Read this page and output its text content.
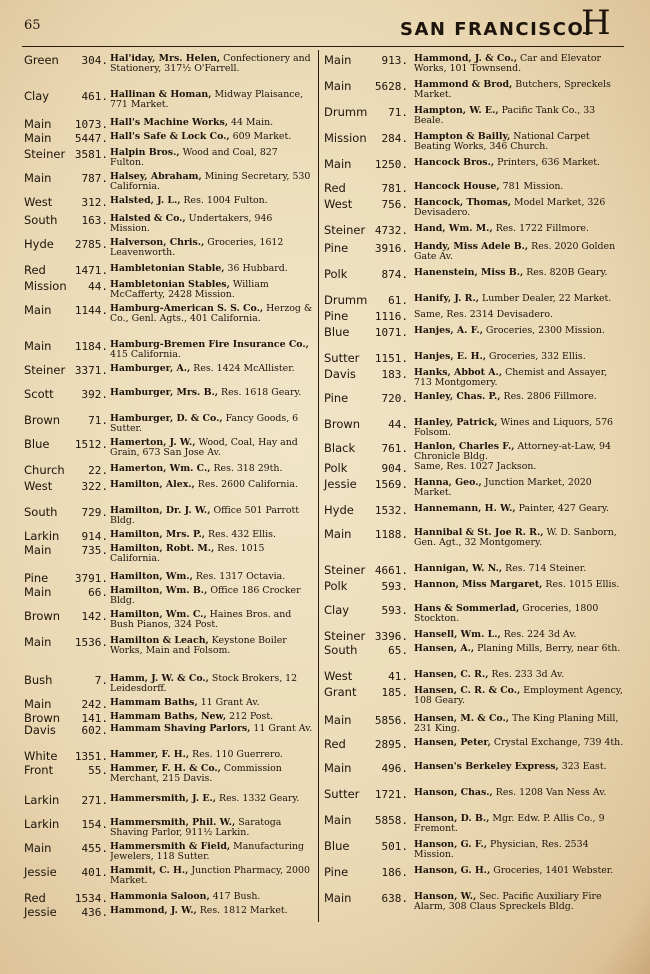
65	SAN FRANCISCO.
H
Green 304. Hal'iday, Mrs. Helen, Confectionery and Stationery, 317½ O'Farrell.
Clay	461. Hallinan & Homan, Midway Plaisance, 771 Market.
Main 1073. Hall's Machine Works, 44 Main.
Main 5447. Hall's Safe & Lock Co., 609 Market.
Steiner 3581. Halpin Bros., Wood and Coal, 827 Fulton.
Main	787. Halsey, Abraham, Mining Secretary, 530 California.
West	312. Halsted, J. L., Res. 1004 Fulton.
South 163. Halsted & Co., Undertakers, 946 Mission.
Hyde 2785. Halverson, Chris., Groceries, 1612 Leavenworth.
Red	1471. Hambletonian Stable, 36 Hubbard.
Mission 44. Hambletonian Stables, William McCafferty, 2428 Mission.
Main 1144. Hamburg-American S. S. Co., Herzog & Co., Genl. Agts., 401 California.
Main 1184. Hamburg-Bremen Fire Insurance Co., 415 California.
Steiner 3371. Hamburger, A., Res. 1424 McAllister.
Scott	392. Hamburger, Mrs. B., Res. 1618 Geary.
Brown	71. Hamburger, D. & Co., Fancy Goods, 6 Sutter.
Blue 1512. Hamerton, J. W., Wood, Coal, Hay and Grain, 673 San Jose Av.
Church 22. Hamerton, Wm. C., Res. 318 29th.
West	322. Hamilton, Alex., Res. 2600 California.
South 729. Hamilton, Dr. J. W., Office 501 Parrott Bldg.
Larkin 914. Hamilton, Mrs. P., Res. 432 Ellis.
Main	735. Hamilton, Robt. M., Res. 1015 California.
Pine 3791. Hamilton, Wm., Res. 1317 Octavia.
Main	66. Hamilton, Wm. B., Office 186 Crocker Bldg.
Brown 142. Hamilton, Wm. C., Haines Bros. and Bush Pianos, 324 Post.
Main 1536. Hamilton & Leach, Keystone Boiler Works, Main and Folsom.
Bush	7. Hamm, J. W. & Co., Stock Brokers, 12 Leidesdorff.
Main	242. Hammam Baths, 11 Grant Av.
Brown 141. Hammam Baths, New, 212 Post.
Davis 602. Hammam Shaving Parlors, 11 Grant Av.
White 1351. Hammer, F. H., Res. 110 Guerrero.
Front	55. Hammer, F. H. & Co., Commission Merchant, 215 Davis.
Larkin 271. Hammersmith, J. E., Res. 1332 Geary.
Larkin 154. Hammersmith, Phil. W., Saratoga Shaving Parlor, 911½ Larkin.
Main	455. Hammersmith & Field, Manufacturing Jewelers, 118 Sutter.
Jessie 401. Hammit, C. H., Junction Pharmacy, 2000 Market.
Red	1534. Hammonia Saloon, 417 Bush.
Jessie 436. Hammond, J. W., Res. 1812 Market.
Main	913. Hammond, J. & Co., Car and Elevator Works, 101 Townsend.
Main 5628. Hammond & Brod, Butchers, Spreckels Market.
Drumm 71. Hampton, W. E., Pacific Tank Co., 33 Beale.
Mission 284. Hampton & Bailly, National Carpet Beating Works, 346 Church.
Main 1250. Hancock Bros., Printers, 636 Market.
Red	781. Hancock House, 781 Mission.
West	756. Hancock, Thomas, Model Market, 326 Devisadero.
Steiner 4732. Hand, Wm. M., Res. 1722 Fillmore.
Pine 3916. Handy, Miss Adele B., Res. 2020 Golden Gate Av.
Polk	874. Hanenstein, Miss B., Res. 820B Geary.
Drumm 61. Hanify, J. R., Lumber Dealer, 22 Market.
Pine 1116. Same, Res. 2314 Devisadero.
Blue 1071. Hanjes, A. F., Groceries, 2300 Mission.
Sutter 1151. Hanjes, E. H., Groceries, 332 Ellis.
Davis 183. Hanks, Abbot A., Chemist and Assayer, 713 Montgomery.
Pine	720. Hanley, Chas. P., Res. 2806 Fillmore.
Brown	44. Hanley, Patrick, Wines and Liquors, 576 Folsom.
Black 761. Hanlon, Charles F., Attorney-at-Law, 94 Chronicle Bldg.
Polk	904. Same, Res. 1027 Jackson.
Jessie 1569. Hanna, Geo., Junction Market, 2020 Market.
Hyde 1532. Hannemann, H. W., Painter, 427 Geary.
Main 1188. Hannibal & St. Joe R. R., W. D. Sanborn, Gen. Agt., 32 Montgomery.
Steiner 4661. Hannigan, W. N., Res. 714 Steiner.
Polk	593. Hannon, Miss Margaret, Res. 1015 Ellis.
Clay	593. Hans & Sommerlad, Groceries, 1800 Stockton.
Steiner 3396. Hansell, Wm. L., Res. 224 3d Av.
South	65. Hansen, A., Planing Mills, Berry, near 6th.
West	41. Hansen, C. R., Res. 233 3d Av.
Grant 185. Hansen, C. R. & Co., Employment Agency, 108 Geary.
Main 5856. Hansen, M. & Co., The King Planing Mill, 231 King.
Red	2895. Hansen, Peter, Crystal Exchange, 739 4th.
Main	496. Hansen's Berkeley Express, 323 East.
Sutter 1721. Hanson, Chas., Res. 1208 Van Ness Av.
Main 5858. Hanson, D. B., Mgr. Edw. P. Allis Co., 9 Fremont.
Blue	501. Hanson, G. F., Physician, Res. 2534 Mission.
Pine	186. Hanson, G. H., Groceries, 1401 Webster.
Main	638. Hanson, W., Sec. Pacific Auxiliary Fire Alarm, 308 Claus Spreckels Bldg.
